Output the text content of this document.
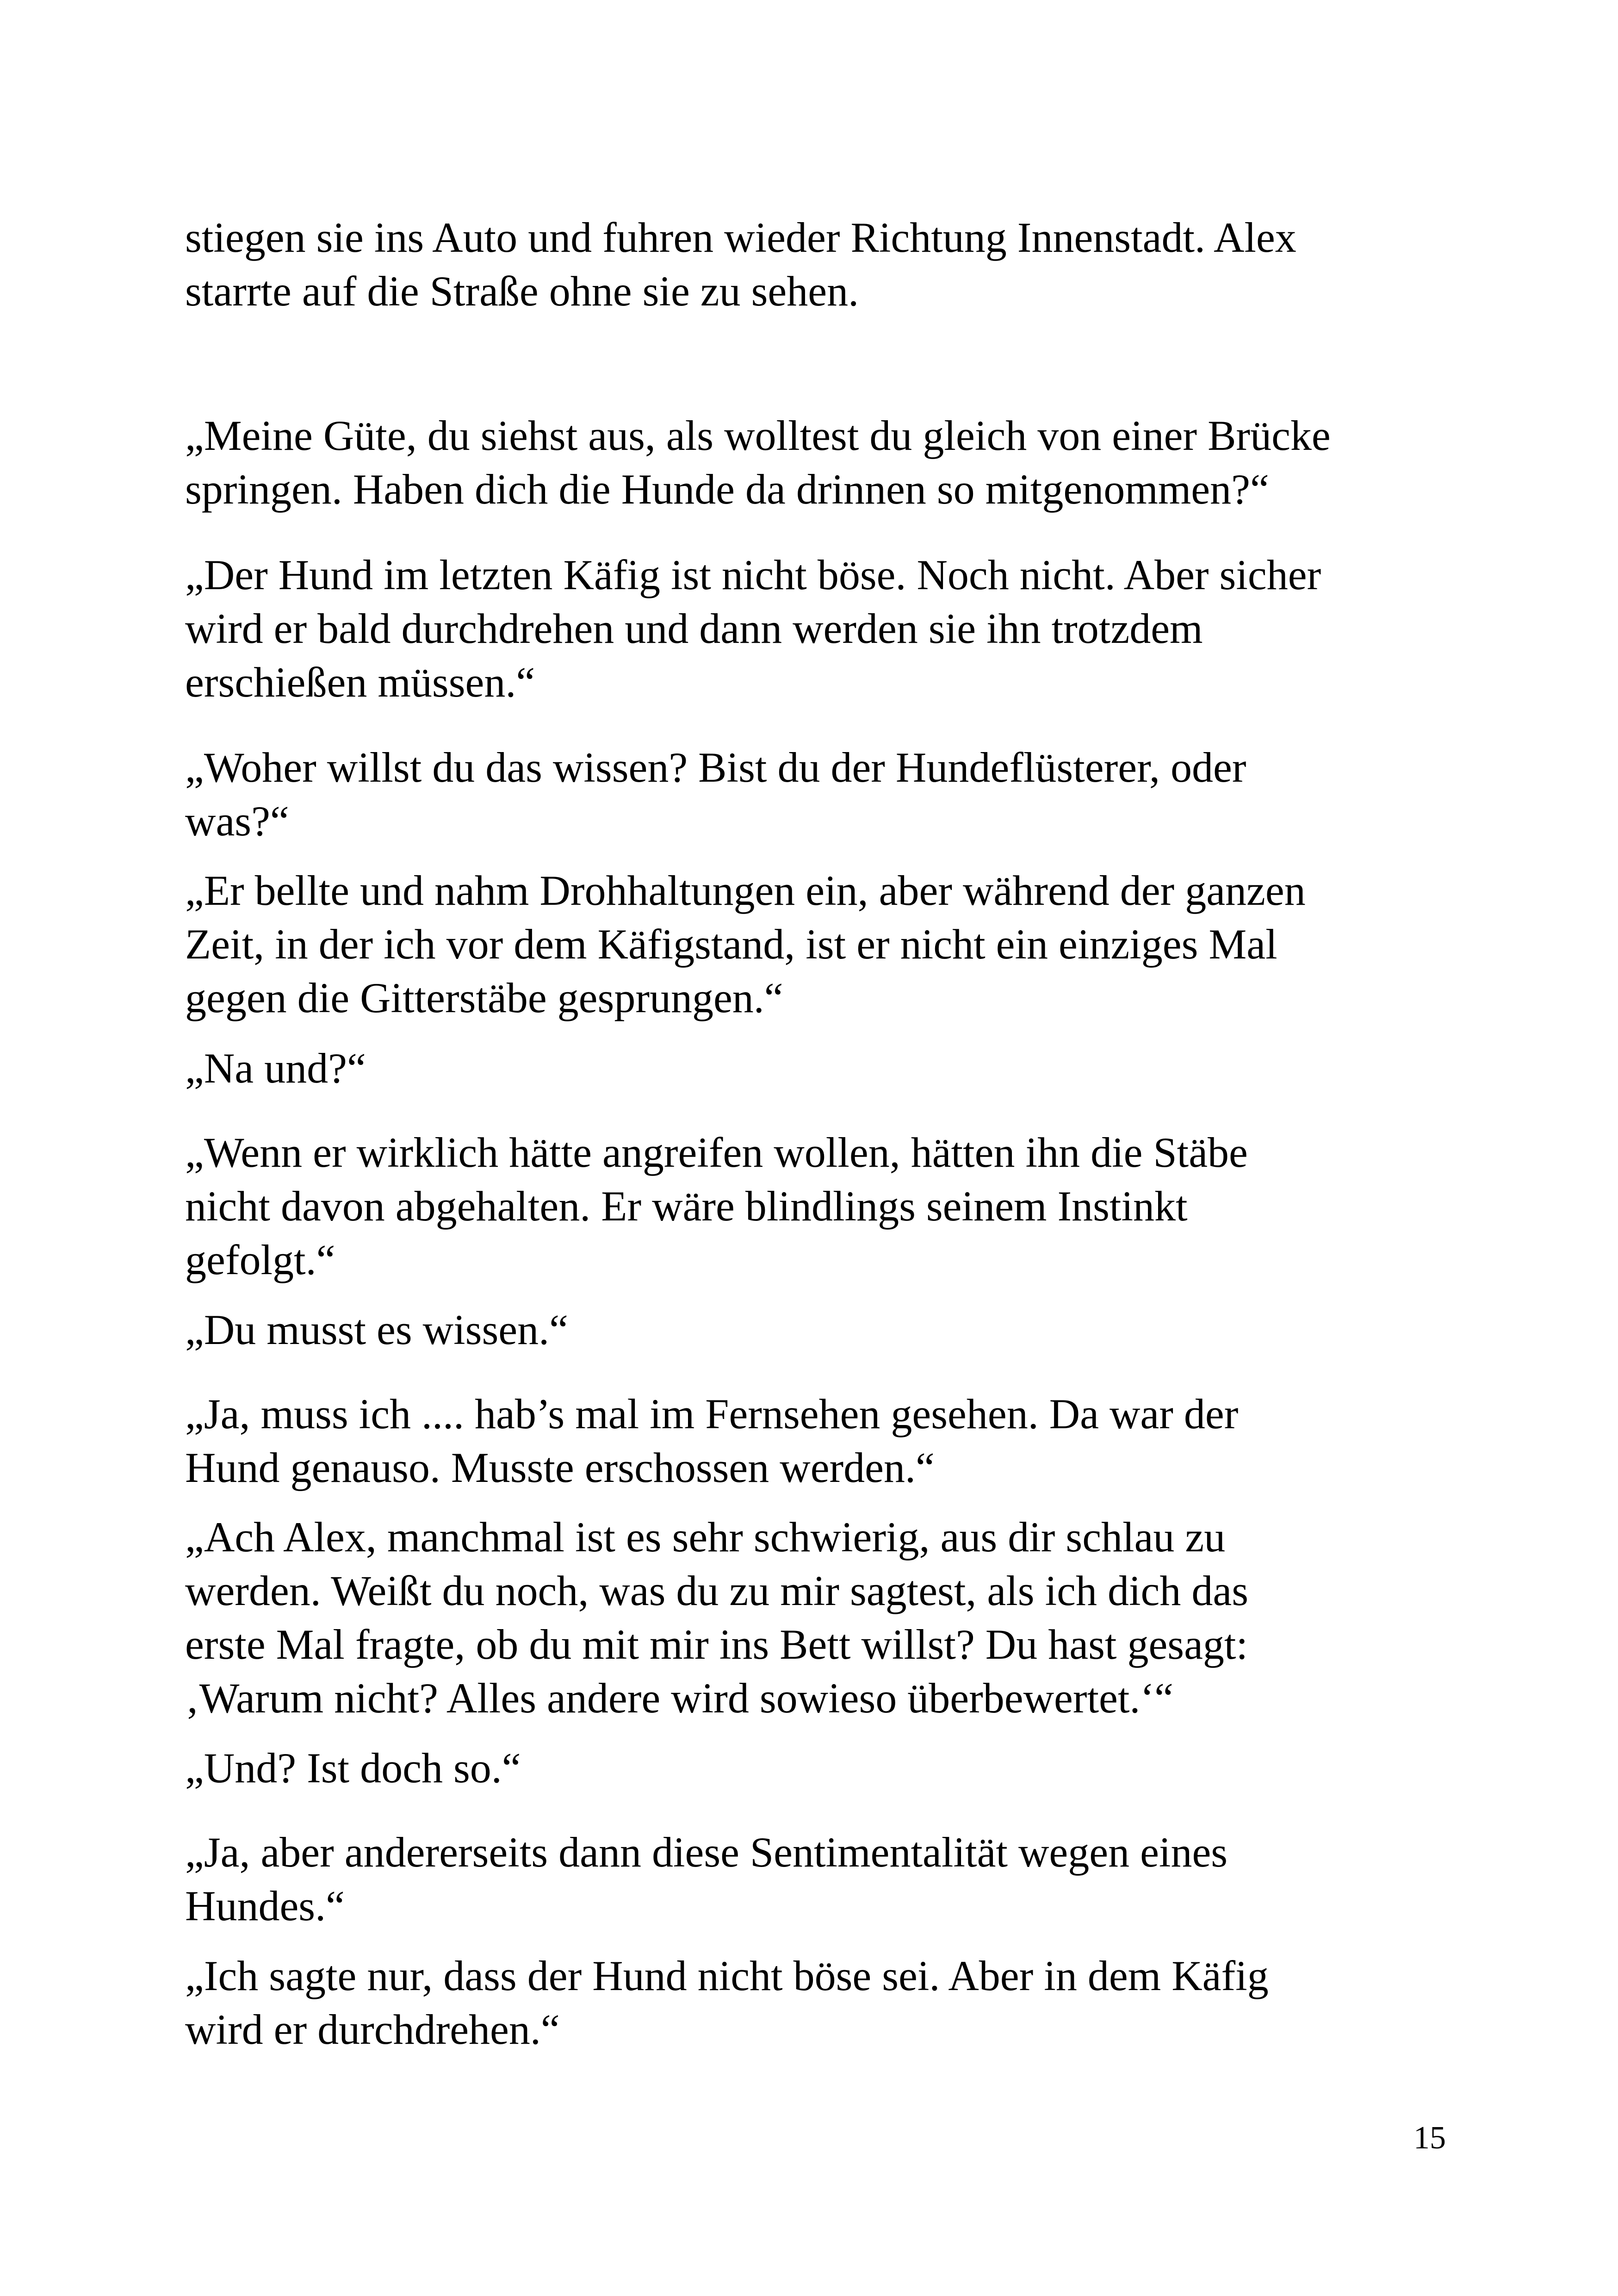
stiegen sie ins Auto und fuhren wieder Richtung Innenstadt. Alex

starrte auf die Straße ohne sie zu sehen.

„Meine Güte, du siehst aus, als wolltest du gleich von einer Brücke

springen. Haben dich die Hunde da drinnen so mitgenommen?“

„Der Hund im letzten Käfig ist nicht böse. Noch nicht. Aber sicher

wird er bald durchdrehen und dann werden sie ihn trotzdem

erschießen müssen.“

„Woher willst du das wissen? Bist du der Hundeflüsterer, oder

was?“

„Er bellte und nahm Drohhaltungen ein, aber während der ganzen

Zeit, in der ich vor dem Käfigstand, ist er nicht ein einziges Mal

gegen die Gitterstäbe gesprungen.“

„Na und?“

„Wenn er wirklich hätte angreifen wollen, hätten ihn die Stäbe

nicht davon abgehalten. Er wäre blindlings seinem Instinkt

gefolgt.“

„Du musst es wissen.“

„Ja, muss ich .... hab’s mal im Fernsehen gesehen. Da war der

Hund genauso. Musste erschossen werden.“

„Ach Alex, manchmal ist es sehr schwierig, aus dir schlau zu

werden. Weißt du noch, was du zu mir sagtest, als ich dich das

erste Mal fragte, ob du mit mir ins Bett willst? Du hast gesagt:

‚Warum nicht? Alles andere wird sowieso überbewertet.‘“

„Und? Ist doch so.“

„Ja, aber andererseits dann diese Sentimentalität wegen eines

Hundes.“

„Ich sagte nur, dass der Hund nicht böse sei. Aber in dem Käfig

wird er durchdrehen.“

15
